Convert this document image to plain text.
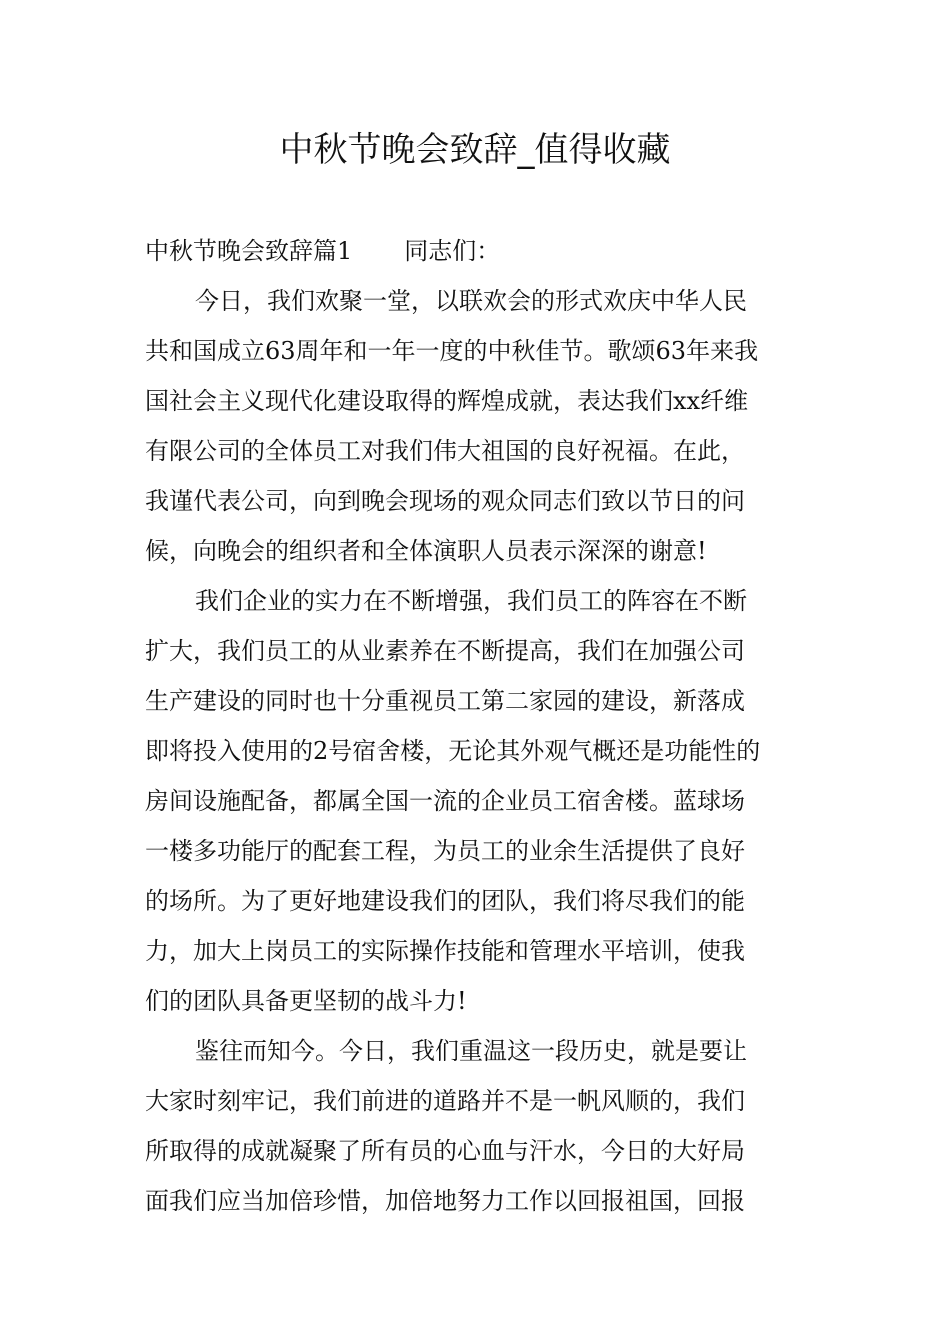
中秋节晚会致辞_值得收藏
中秋节晚会致辞篇1 同志们：
今日，我们欢聚一堂，以联欢会的形式欢庆中华人民
共和国成立63周年和一年一度的中秋佳节。歌颂63年来我
国社会主义现代化建设取得的辉煌成就，表达我们xx纤维
有限公司的全体员工对我们伟大祖国的良好祝福。在此，
我谨代表公司，向到晚会现场的观众同志们致以节日的问
候，向晚会的组织者和全体演职人员表示深深的谢意!
我们企业的实力在不断增强，我们员工的阵容在不断
扩大，我们员工的从业素养在不断提高，我们在加强公司
生产建设的同时也十分重视员工第二家园的建设，新落成
即将投入使用的2号宿舍楼，无论其外观气概还是功能性的
房间设施配备，都属全国一流的企业员工宿舍楼。蓝球场
一楼多功能厅的配套工程，为员工的业余生活提供了良好
的场所。为了更好地建设我们的团队，我们将尽我们的能
力，加大上岗员工的实际操作技能和管理水平培训，使我
们的团队具备更坚韧的战斗力!
鉴往而知今。今日，我们重温这一段历史，就是要让
大家时刻牢记，我们前进的道路并不是一帆风顺的，我们
所取得的成就凝聚了所有员的心血与汗水，今日的大好局
面我们应当加倍珍惜，加倍地努力工作以回报祖国，回报
